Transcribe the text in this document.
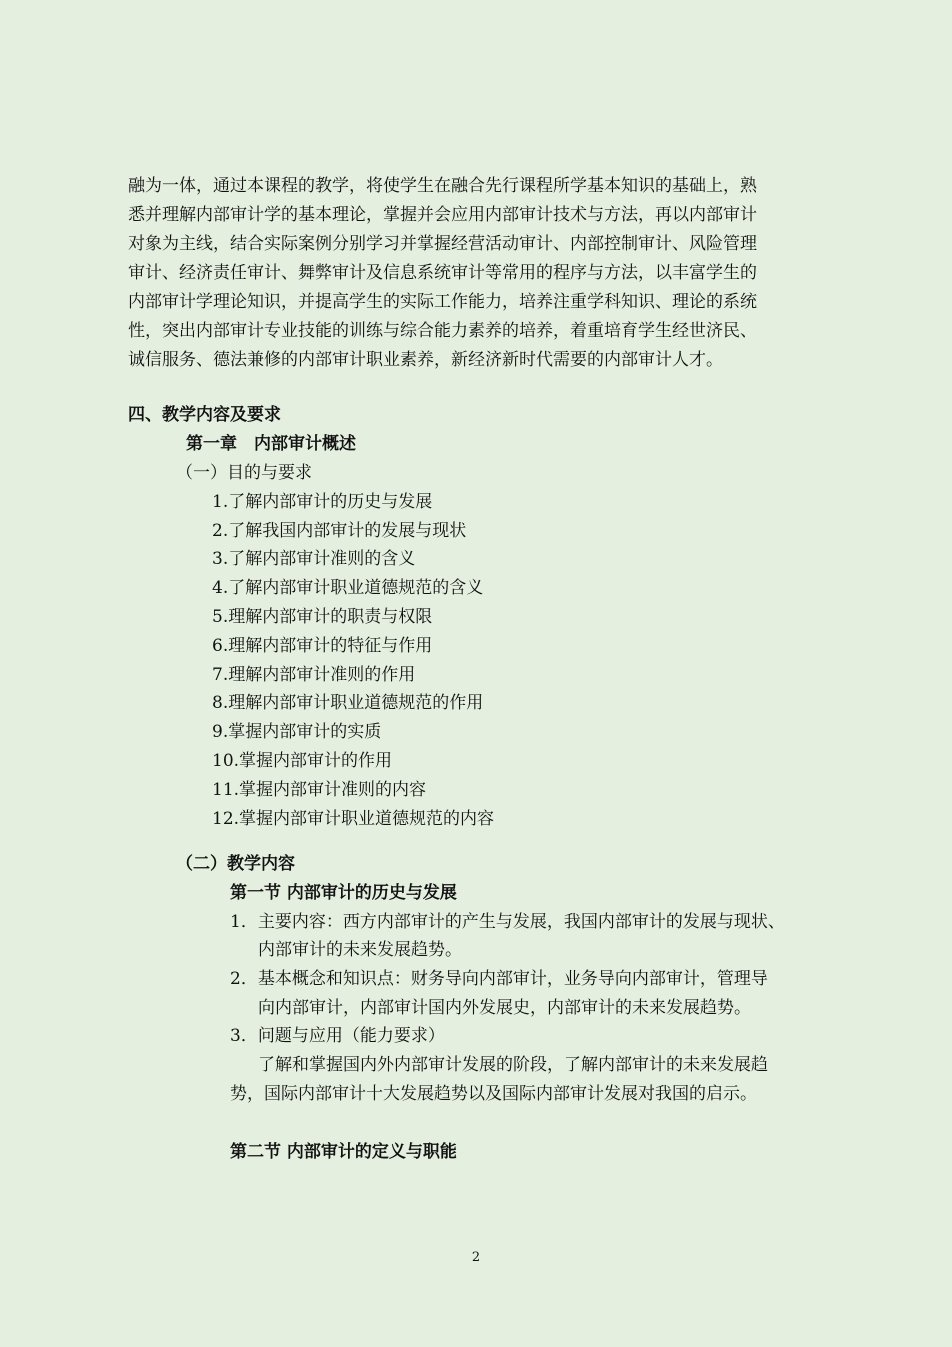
融为一体，通过本课程的教学，将使学生在融合先行课程所学基本知识的基础上，熟
悉并理解内部审计学的基本理论，掌握并会应用内部审计技术与方法，再以内部审计
对象为主线，结合实际案例分别学习并掌握经营活动审计、内部控制审计、风险管理
审计、经济责任审计、舞弊审计及信息系统审计等常用的程序与方法，以丰富学生的
内部审计学理论知识，并提高学生的实际工作能力，培养注重学科知识、理论的系统
性，突出内部审计专业技能的训练与综合能力素养的培养，着重培育学生经世济民、
诚信服务、德法兼修的内部审计职业素养，新经济新时代需要的内部审计人才。
四、教学内容及要求
第一章　内部审计概述
（一）目的与要求
1.了解内部审计的历史与发展
2.了解我国内部审计的发展与现状
3.了解内部审计准则的含义
4.了解内部审计职业道德规范的含义
5.理解内部审计的职责与权限
6.理解内部审计的特征与作用
7.理解内部审计准则的作用
8.理解内部审计职业道德规范的作用
9.掌握内部审计的实质
10.掌握内部审计的作用
11.掌握内部审计准则的内容
12.掌握内部审计职业道德规范的内容
（二）教学内容
第一节 内部审计的历史与发展
1．主要内容：西方内部审计的产生与发展，我国内部审计的发展与现状、
内部审计的未来发展趋势。
2．基本概念和知识点：财务导向内部审计，业务导向内部审计，管理导
向内部审计，内部审计国内外发展史，内部审计的未来发展趋势。
3．问题与应用（能力要求）
了解和掌握国内外内部审计发展的阶段，了解内部审计的未来发展趋
势，国际内部审计十大发展趋势以及国际内部审计发展对我国的启示。
第二节 内部审计的定义与职能
2
